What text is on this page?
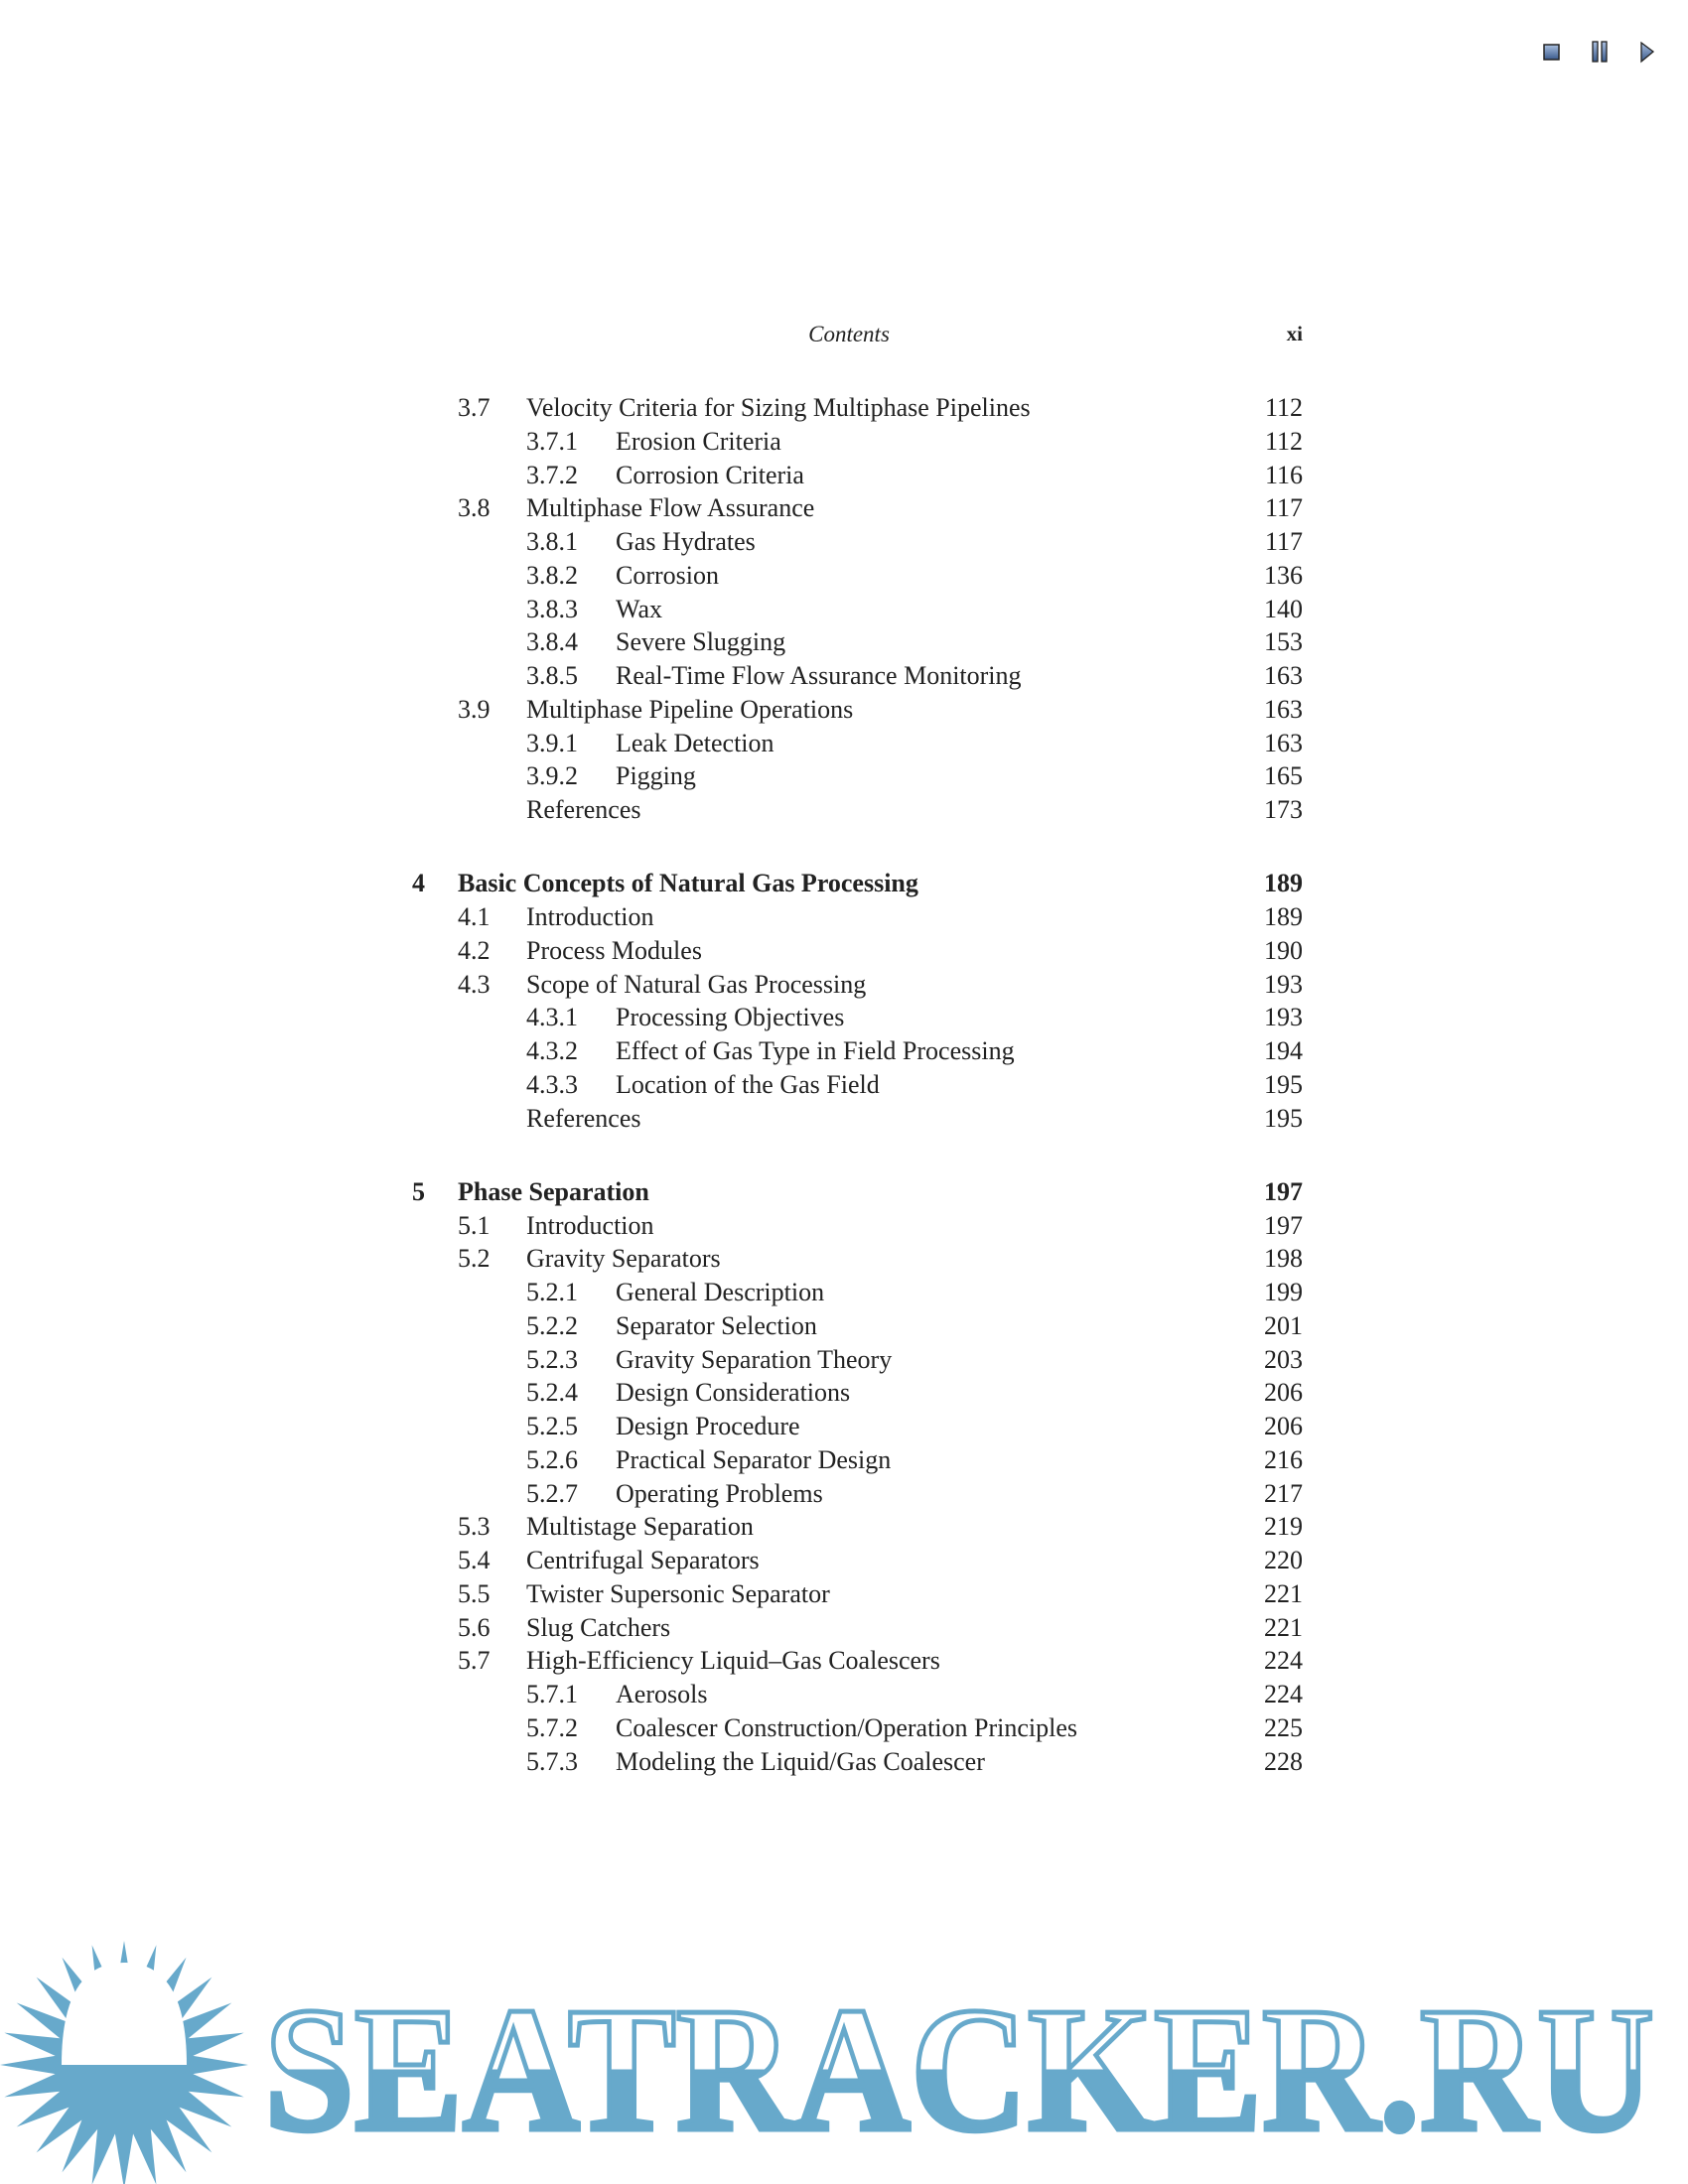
Contents	xi
3.7 Velocity Criteria for Sizing Multiphase Pipelines	112
3.7.1 Erosion Criteria	112
3.7.2 Corrosion Criteria	116
3.8 Multiphase Flow Assurance	117
3.8.1 Gas Hydrates	117
3.8.2 Corrosion	136
3.8.3 Wax	140
3.8.4 Severe Slugging	153
3.8.5 Real-Time Flow Assurance Monitoring	163
3.9 Multiphase Pipeline Operations	163
3.9.1 Leak Detection	163
3.9.2 Pigging	165
References	173
4 Basic Concepts of Natural Gas Processing	189
4.1 Introduction	189
4.2 Process Modules	190
4.3 Scope of Natural Gas Processing	193
4.3.1 Processing Objectives	193
4.3.2 Effect of Gas Type in Field Processing	194
4.3.3 Location of the Gas Field	195
References	195
5 Phase Separation	197
5.1 Introduction	197
5.2 Gravity Separators	198
5.2.1 General Description	199
5.2.2 Separator Selection	201
5.2.3 Gravity Separation Theory	203
5.2.4 Design Considerations	206
5.2.5 Design Procedure	206
5.2.6 Practical Separator Design	216
5.2.7 Operating Problems	217
5.3 Multistage Separation	219
5.4 Centrifugal Separators	220
5.5 Twister Supersonic Separator	221
5.6 Slug Catchers	221
5.7 High-Efficiency Liquid–Gas Coalescers	224
5.7.1 Aerosols	224
5.7.2 Coalescer Construction/Operation Principles	225
5.7.3 Modeling the Liquid/Gas Coalescer	228
SEATRACKER.RU
